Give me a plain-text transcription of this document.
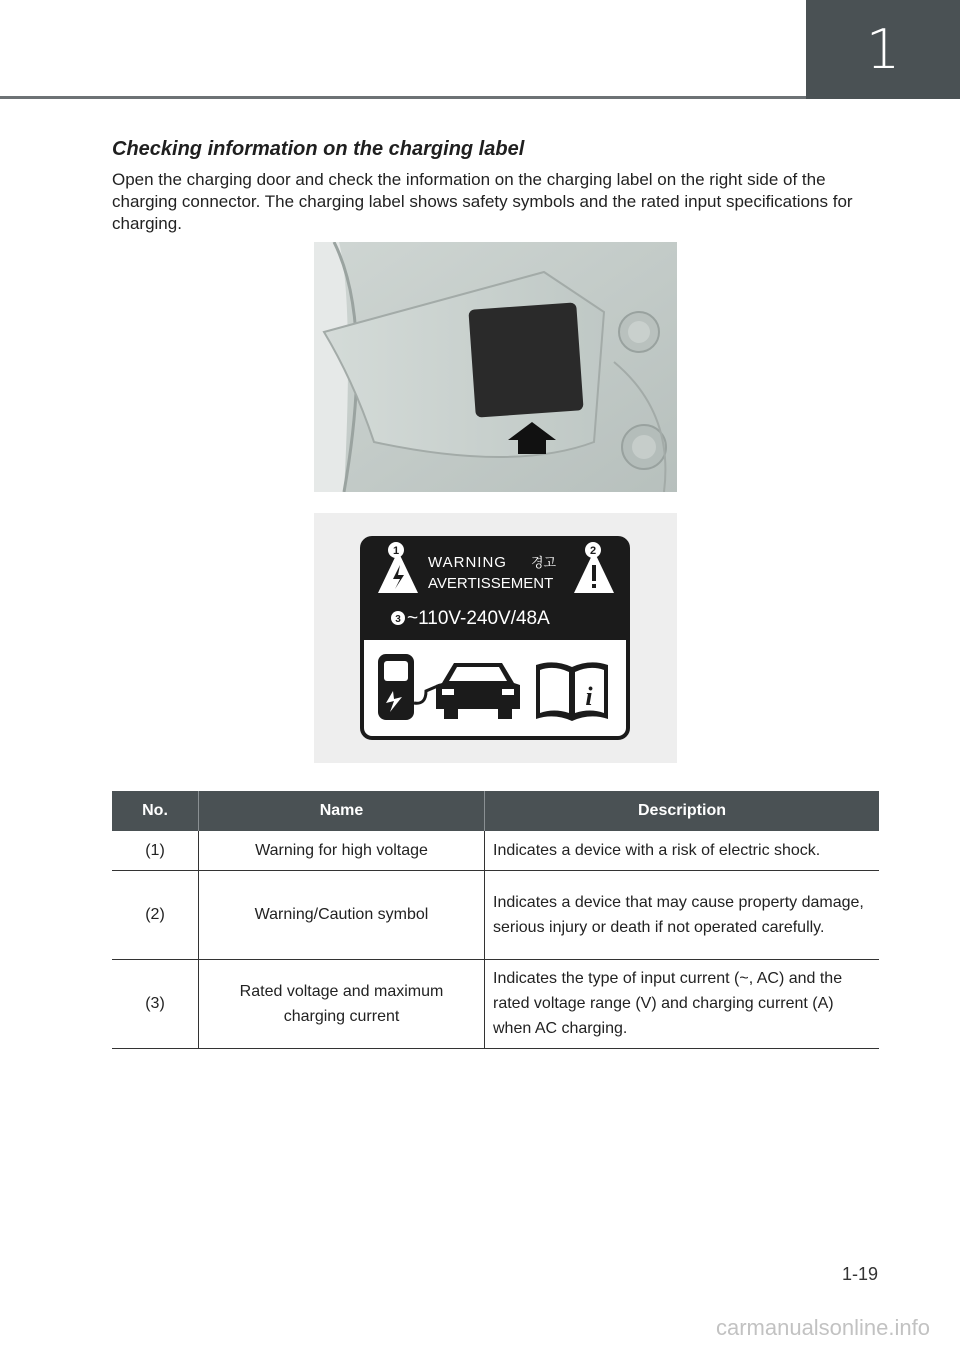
1
Checking information on the charging label

Open the charging door and check the information on the charging label on the right side of the charging connector. The charging label shows safety symbols and the rated input specifications for charging.

1	2
WARNING 경고
AVERTISSEMENT
3 ~110V-240V/48A
i
No.	Name	Description
(1)	Warning for high voltage	Indicates a device with a risk of electric shock.
(2)	Warning/Caution symbol	Indicates a device that may cause property damage, serious injury or death if not operated carefully.
(3)	Rated voltage and maximum charging current	Indicates the type of input current (~, AC) and the rated voltage range (V) and charging current (A) when AC charging.
1-19
carmanualsonline.info
